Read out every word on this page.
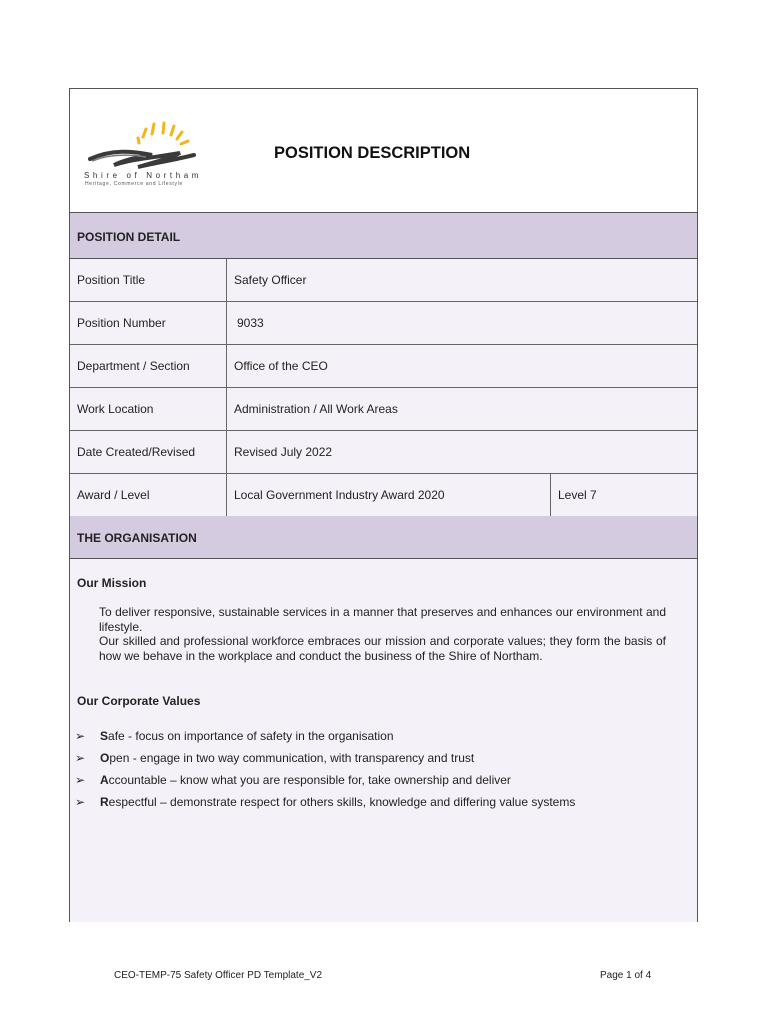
Shire of Northam
Heritage, Commerce and Lifestyle
POSITION DESCRIPTION
POSITION DETAIL
Position Title	Safety Officer
Position Number	9033
Department / Section	Office of the CEO
Work Location	Administration / All Work Areas
Date Created/Revised	Revised July 2022
Award / Level	Local Government Industry Award 2020	Level 7
THE ORGANISATION
Our Mission

To deliver responsive, sustainable services in a manner that preserves and enhances our environment and lifestyle.

Our skilled and professional workforce embraces our mission and corporate values; they form the basis of how we behave in the workplace and conduct the business of the Shire of Northam.

Our Corporate Values
➢ Safe - focus on importance of safety in the organisation
➢ Open - engage in two way communication, with transparency and trust
➢ Accountable – know what you are responsible for, take ownership and deliver
➢ Respectful – demonstrate respect for others skills, knowledge and differing value systems
CEO-TEMP-75 Safety Officer PD Template_V2	Page 1 of 4
